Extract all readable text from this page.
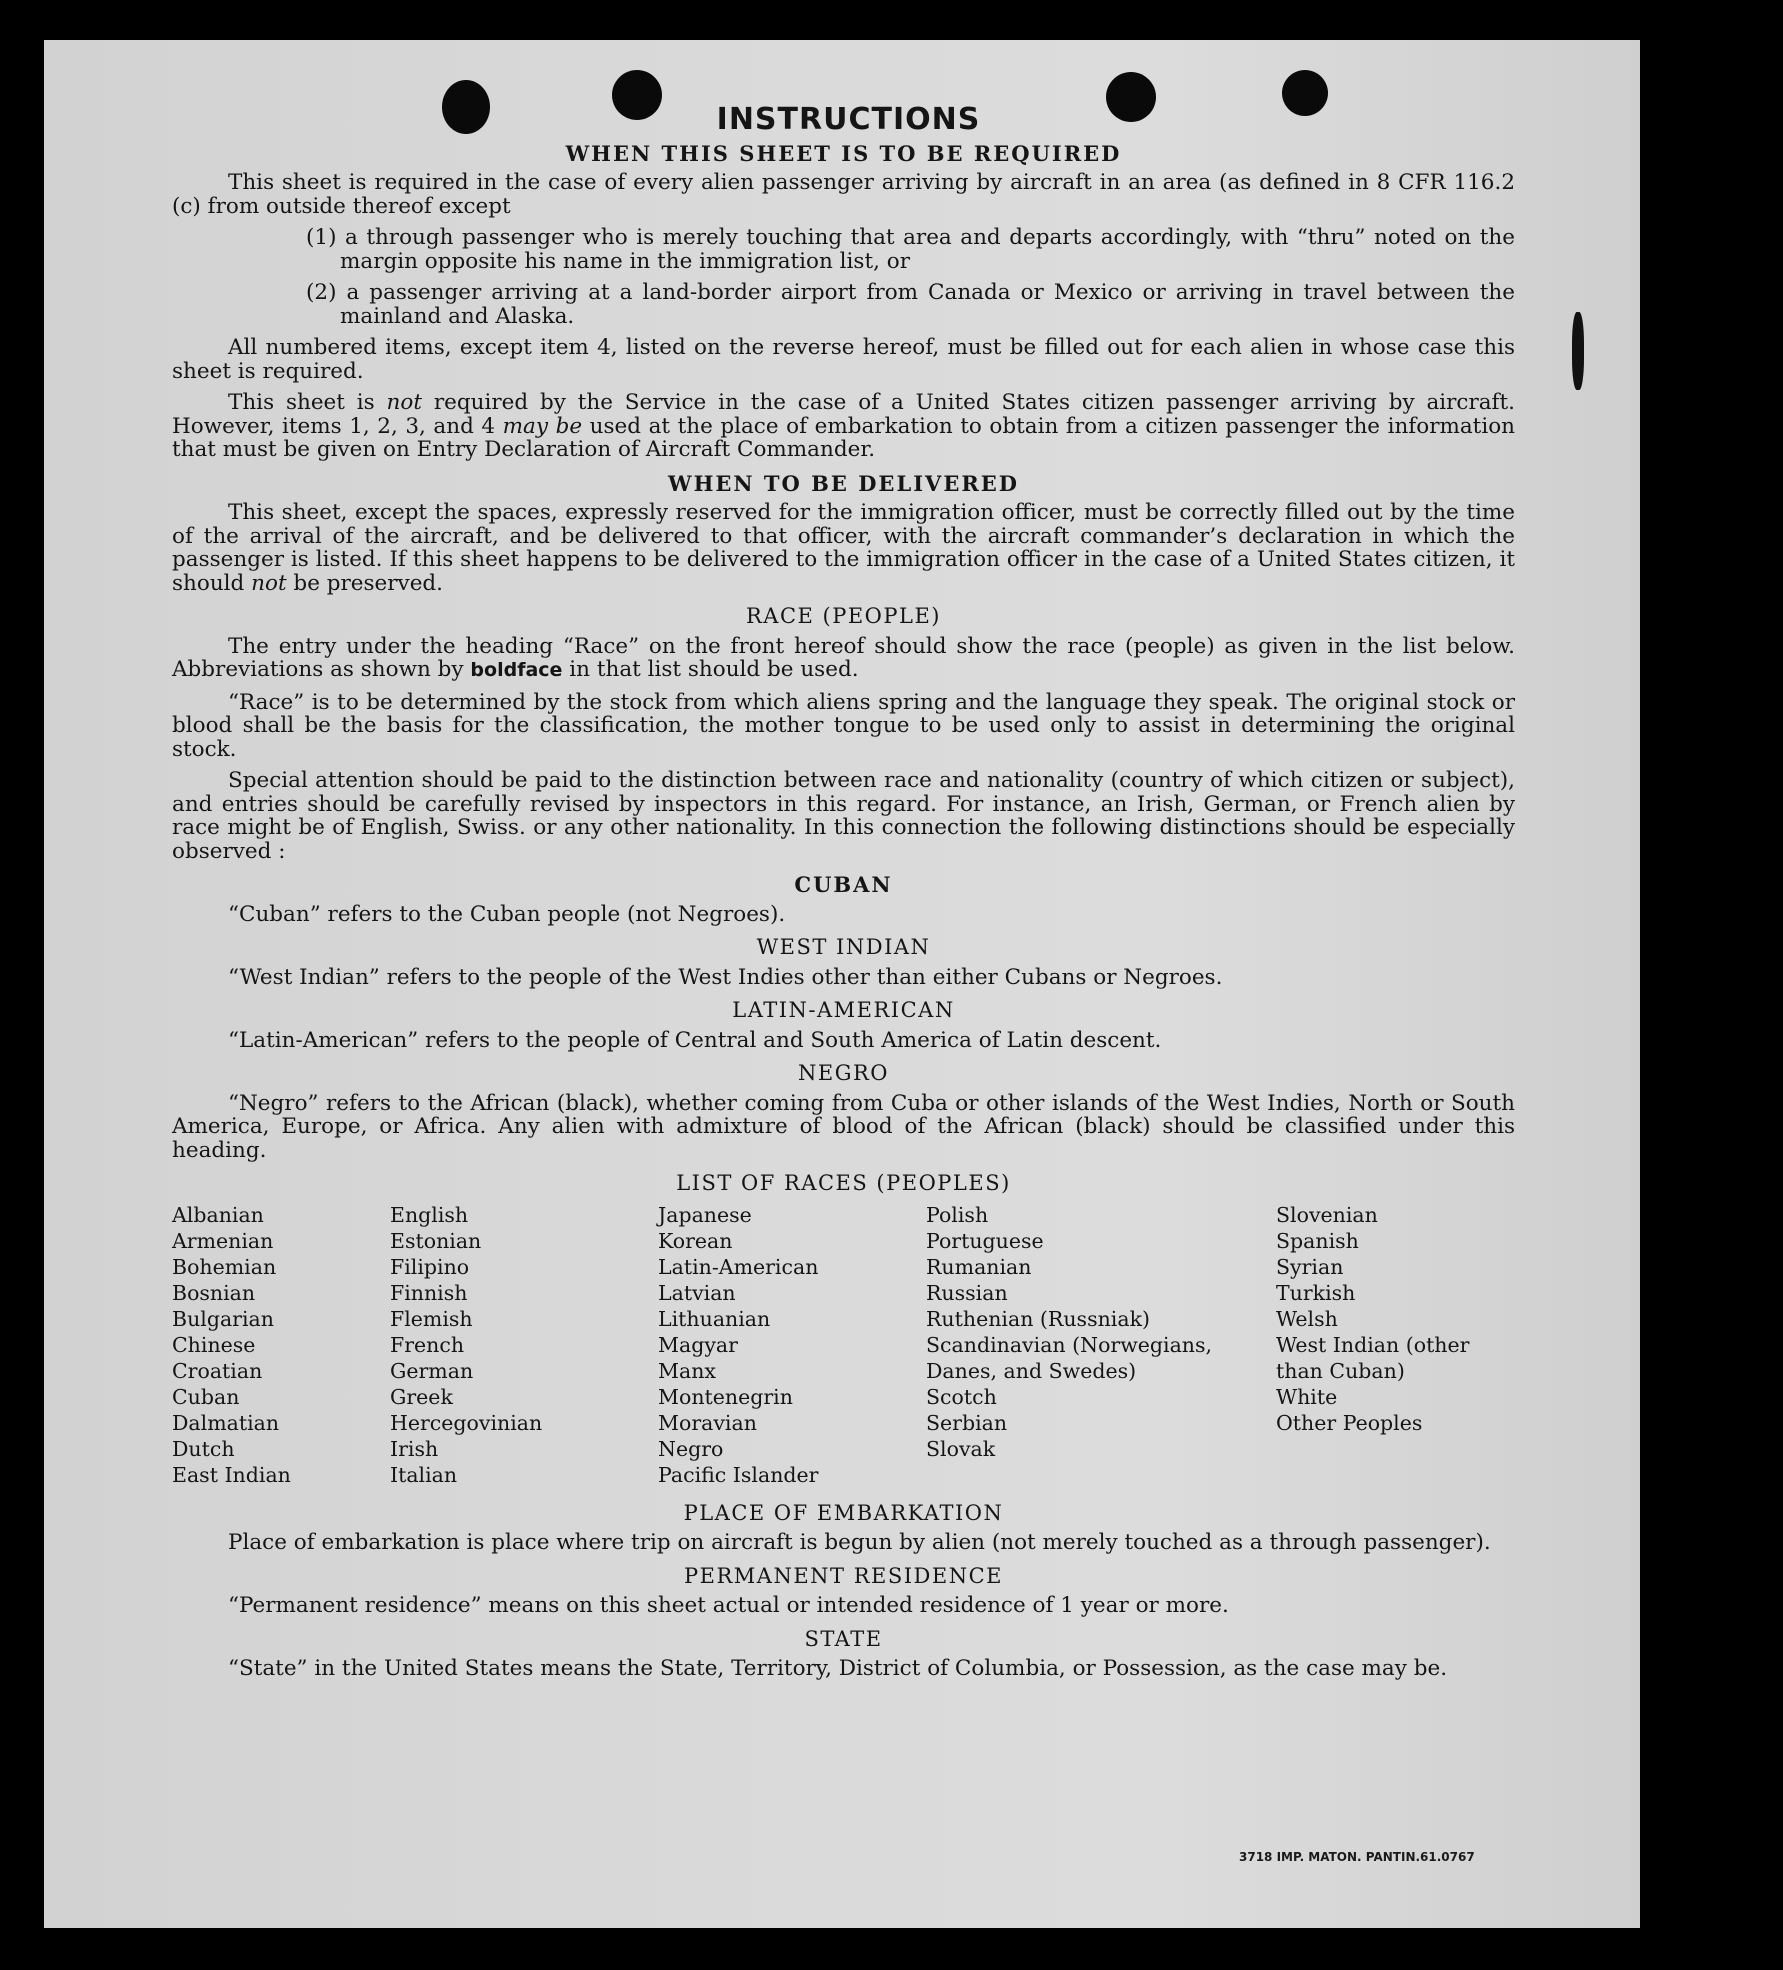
INSTRUCTIONS
WHEN THIS SHEET IS TO BE REQUIRED

This sheet is required in the case of every alien passenger arriving by aircraft in an area (as defined in 8 CFR 116.2 (c) from outside thereof except

(1) a through passenger who is merely touching that area and departs accordingly, with “thru” noted on the margin opposite his name in the immigration list, or

(2) a passenger arriving at a land-border airport from Canada or Mexico or arriving in travel between the mainland and Alaska.

All numbered items, except item 4, listed on the reverse hereof, must be filled out for each alien in whose case this sheet is required.

This sheet is not required by the Service in the case of a United States citizen passenger arriving by aircraft. However, items 1, 2, 3, and 4 may be used at the place of embarkation to obtain from a citizen passenger the information that must be given on Entry Declaration of Aircraft Commander.

WHEN TO BE DELIVERED

This sheet, except the spaces, expressly reserved for the immigration officer, must be correctly filled out by the time of the arrival of the aircraft, and be delivered to that officer, with the aircraft commander’s declaration in which the passenger is listed. If this sheet happens to be delivered to the immigration officer in the case of a United States citizen, it should not be preserved.

RACE (PEOPLE)

The entry under the heading “Race” on the front hereof should show the race (people) as given in the list below. Abbreviations as shown by boldface in that list should be used.

“Race” is to be determined by the stock from which aliens spring and the language they speak. The original stock or blood shall be the basis for the classification, the mother tongue to be used only to assist in determining the original stock.

Special attention should be paid to the distinction between race and nationality (country of which citizen or subject), and entries should be carefully revised by inspectors in this regard. For instance, an Irish, German, or French alien by race might be of English, Swiss. or any other nationality. In this connection the following distinctions should be especially observed :

CUBAN

“Cuban” refers to the Cuban people (not Negroes).

WEST INDIAN

“West Indian” refers to the people of the West Indies other than either Cubans or Negroes.

LATIN-AMERICAN

“Latin-American” refers to the people of Central and South America of Latin descent.

NEGRO

“Negro” refers to the African (black), whether coming from Cuba or other islands of the West Indies, North or South America, Europe, or Africa. Any alien with admixture of blood of the African (black) should be classified under this heading.

LIST OF RACES (PEOPLES)
Albanian
Armenian
Bohemian
Bosnian
Bulgarian
Chinese
Croatian
Cuban
Dalmatian
Dutch
East Indian
English
Estonian
Filipino
Finnish
Flemish
French
German
Greek
Hercegovinian
Irish
Italian
Japanese
Korean
Latin-American
Latvian
Lithuanian
Magyar
Manx
Montenegrin
Moravian
Negro
Pacific Islander
Polish
Portuguese
Rumanian
Russian
Ruthenian (Russniak)
Scandinavian (Norwegians, Danes, and Swedes)
Scotch
Serbian
Slovak
Slovenian
Spanish
Syrian
Turkish
Welsh
West Indian (other than Cuban)
White
Other Peoples
PLACE OF EMBARKATION

Place of embarkation is place where trip on aircraft is begun by alien (not merely touched as a through passenger).

PERMANENT RESIDENCE

“Permanent residence” means on this sheet actual or intended residence of 1 year or more.

STATE

“State” in the United States means the State, Territory, District of Columbia, or Possession, as the case may be.

3718 IMP. MATON. PANTIN.61.0767
